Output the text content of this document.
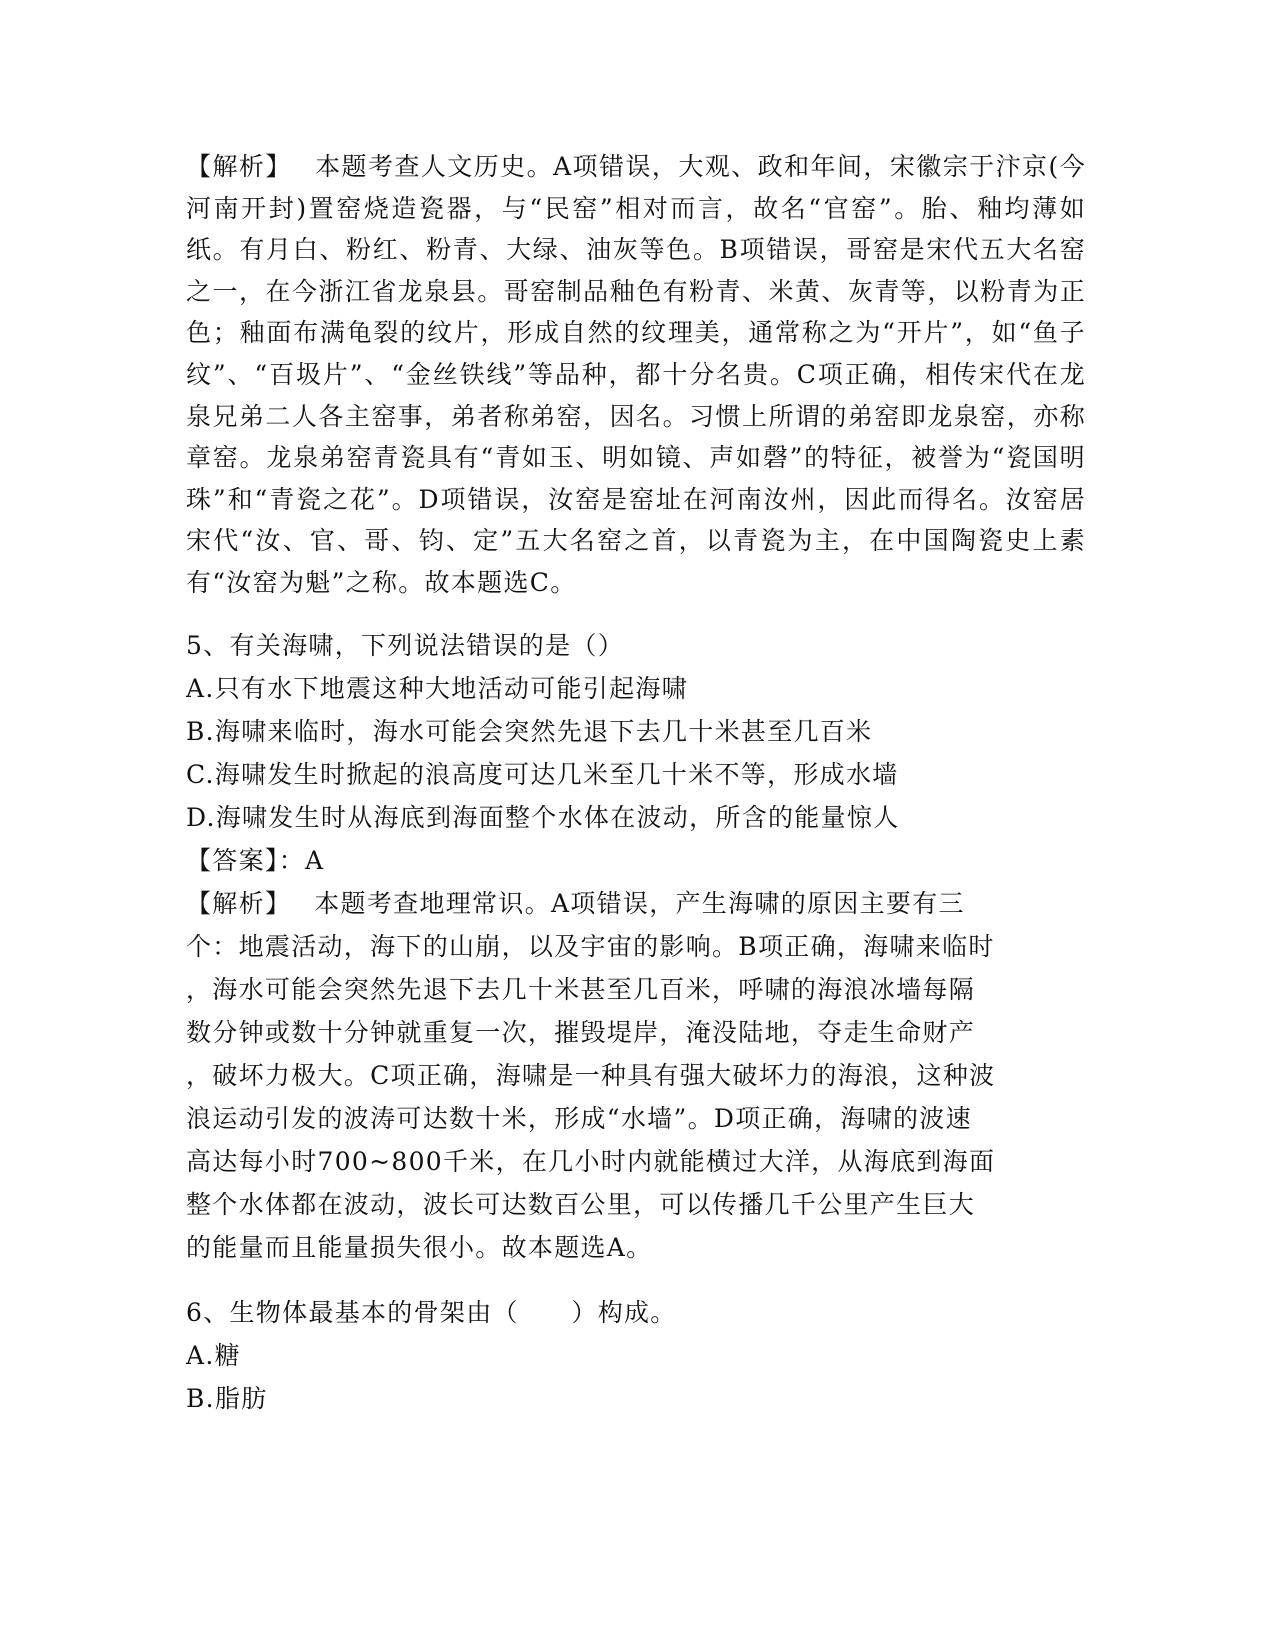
【解析】　 本题考查人文历史。A项错误，大观、政和年间，宋徽宗于汴京(今河南开封)置窑烧造瓷器，与“民窑”相对而言，故名“官窑”。胎、釉均薄如纸。有月白、粉红、粉青、大绿、油灰等色。B项错误，哥窑是宋代五大名窑之一，在今浙江省龙泉县。哥窑制品釉色有粉青、米黄、灰青等，以粉青为正色；釉面布满龟裂的纹片，形成自然的纹理美，通常称之为“开片”，如“鱼子纹”、“百圾片”、“金丝铁线”等品种，都十分名贵。C项正确，相传宋代在龙泉兄弟二人各主窑事，弟者称弟窑，因名。习惯上所谓的弟窑即龙泉窑，亦称章窑。龙泉弟窑青瓷具有“青如玉、明如镜、声如磬”的特征，被誉为“瓷国明珠”和“青瓷之花”。D项错误，汝窑是窑址在河南汝州，因此而得名。汝窑居宋代“汝、官、哥、钧、定”五大名窑之首，以青瓷为主，在中国陶瓷史上素有“汝窑为魁”之称。故本题选C。

5、有关海啸，下列说法错误的是（）
A.只有水下地震这种大地活动可能引起海啸
B.海啸来临时，海水可能会突然先退下去几十米甚至几百米
C.海啸发生时掀起的浪高度可达几米至几十米不等，形成水墙
D.海啸发生时从海底到海面整个水体在波动，所含的能量惊人
【答案】：A
【解析】　 本题考查地理常识。A项错误，产生海啸的原因主要有三
个：地震活动，海下的山崩，以及宇宙的影响。B项正确，海啸来临时
，海水可能会突然先退下去几十米甚至几百米，呼啸的海浪冰墙每隔
数分钟或数十分钟就重复一次，摧毁堤岸，淹没陆地，夺走生命财产
，破坏力极大。C项正确，海啸是一种具有强大破坏力的海浪，这种波
浪运动引发的波涛可达数十米，形成“水墙”。D项正确，海啸的波速
高达每小时700~800千米，在几小时内就能横过大洋，从海底到海面
整个水体都在波动，波长可达数百公里，可以传播几千公里产生巨大
的能量而且能量损失很小。故本题选A。
6、生物体最基本的骨架由（　　）构成。
A.糖
B.脂肪
